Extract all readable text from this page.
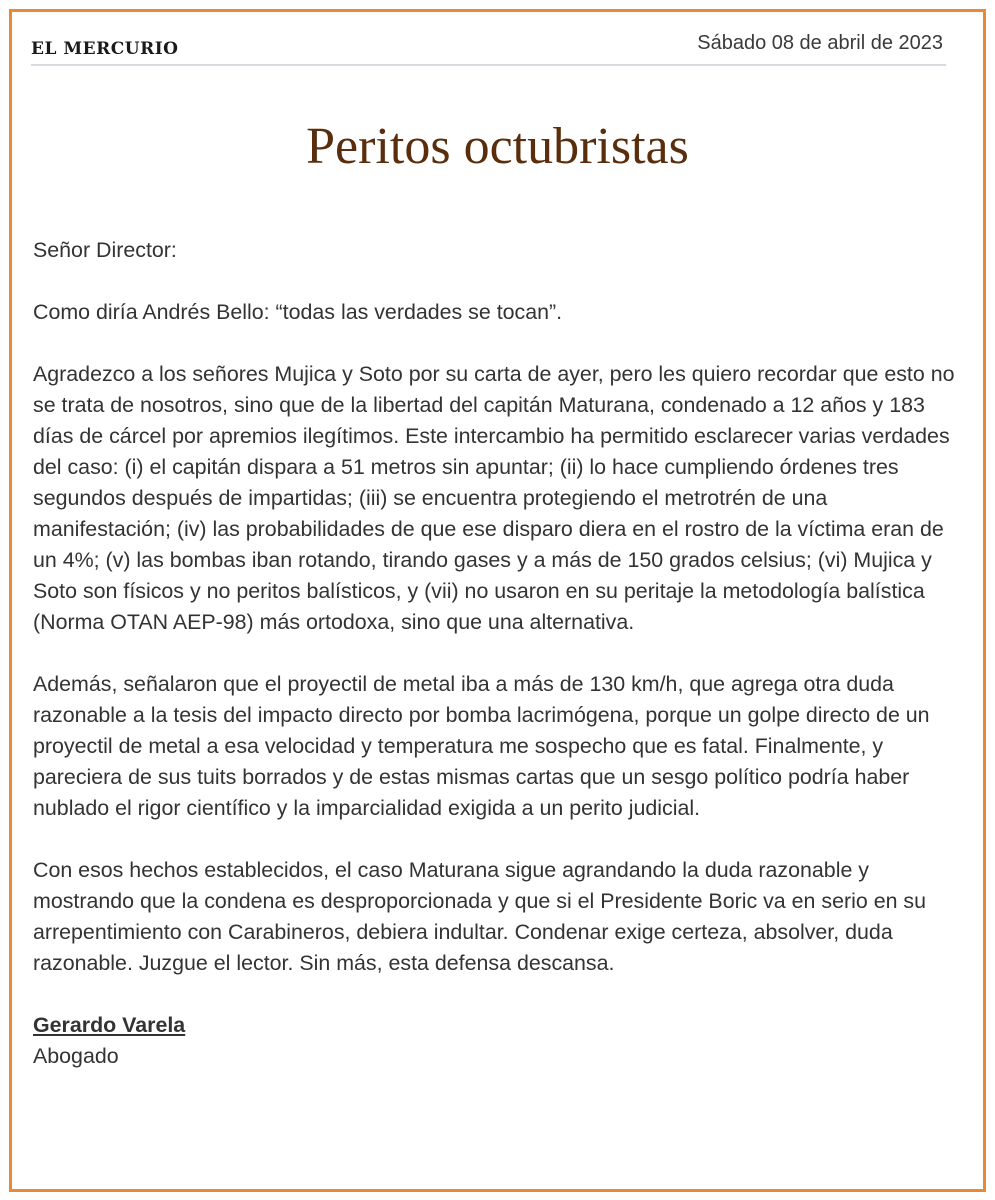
EL MERCURIO	Sábado 08 de abril de 2023
Peritos octubristas

Señor Director:

Como diría Andrés Bello: “todas las verdades se tocan”.

Agradezco a los señores Mujica y Soto por su carta de ayer, pero les quiero recordar que esto no se trata de nosotros, sino que de la libertad del capitán Maturana, condenado a 12 años y 183 días de cárcel por apremios ilegítimos. Este intercambio ha permitido esclarecer varias verdades del caso: (i) el capitán dispara a 51 metros sin apuntar; (ii) lo hace cumpliendo órdenes tres segundos después de impartidas; (iii) se encuentra protegiendo el metrotrén de una manifestación; (iv) las probabilidades de que ese disparo diera en el rostro de la víctima eran de un 4%; (v) las bombas iban rotando, tirando gases y a más de 150 grados celsius; (vi) Mujica y Soto son físicos y no peritos balísticos, y (vii) no usaron en su peritaje la metodología balística (Norma OTAN AEP-98) más ortodoxa, sino que una alternativa.

Además, señalaron que el proyectil de metal iba a más de 130 km/h, que agrega otra duda razonable a la tesis del impacto directo por bomba lacrimógena, porque un golpe directo de un proyectil de metal a esa velocidad y temperatura me sospecho que es fatal. Finalmente, y pareciera de sus tuits borrados y de estas mismas cartas que un sesgo político podría haber nublado el rigor científico y la imparcialidad exigida a un perito judicial.

Con esos hechos establecidos, el caso Maturana sigue agrandando la duda razonable y mostrando que la condena es desproporcionada y que si el Presidente Boric va en serio en su arrepentimiento con Carabineros, debiera indultar. Condenar exige certeza, absolver, duda razonable. Juzgue el lector. Sin más, esta defensa descansa.

Gerardo Varela
Abogado
